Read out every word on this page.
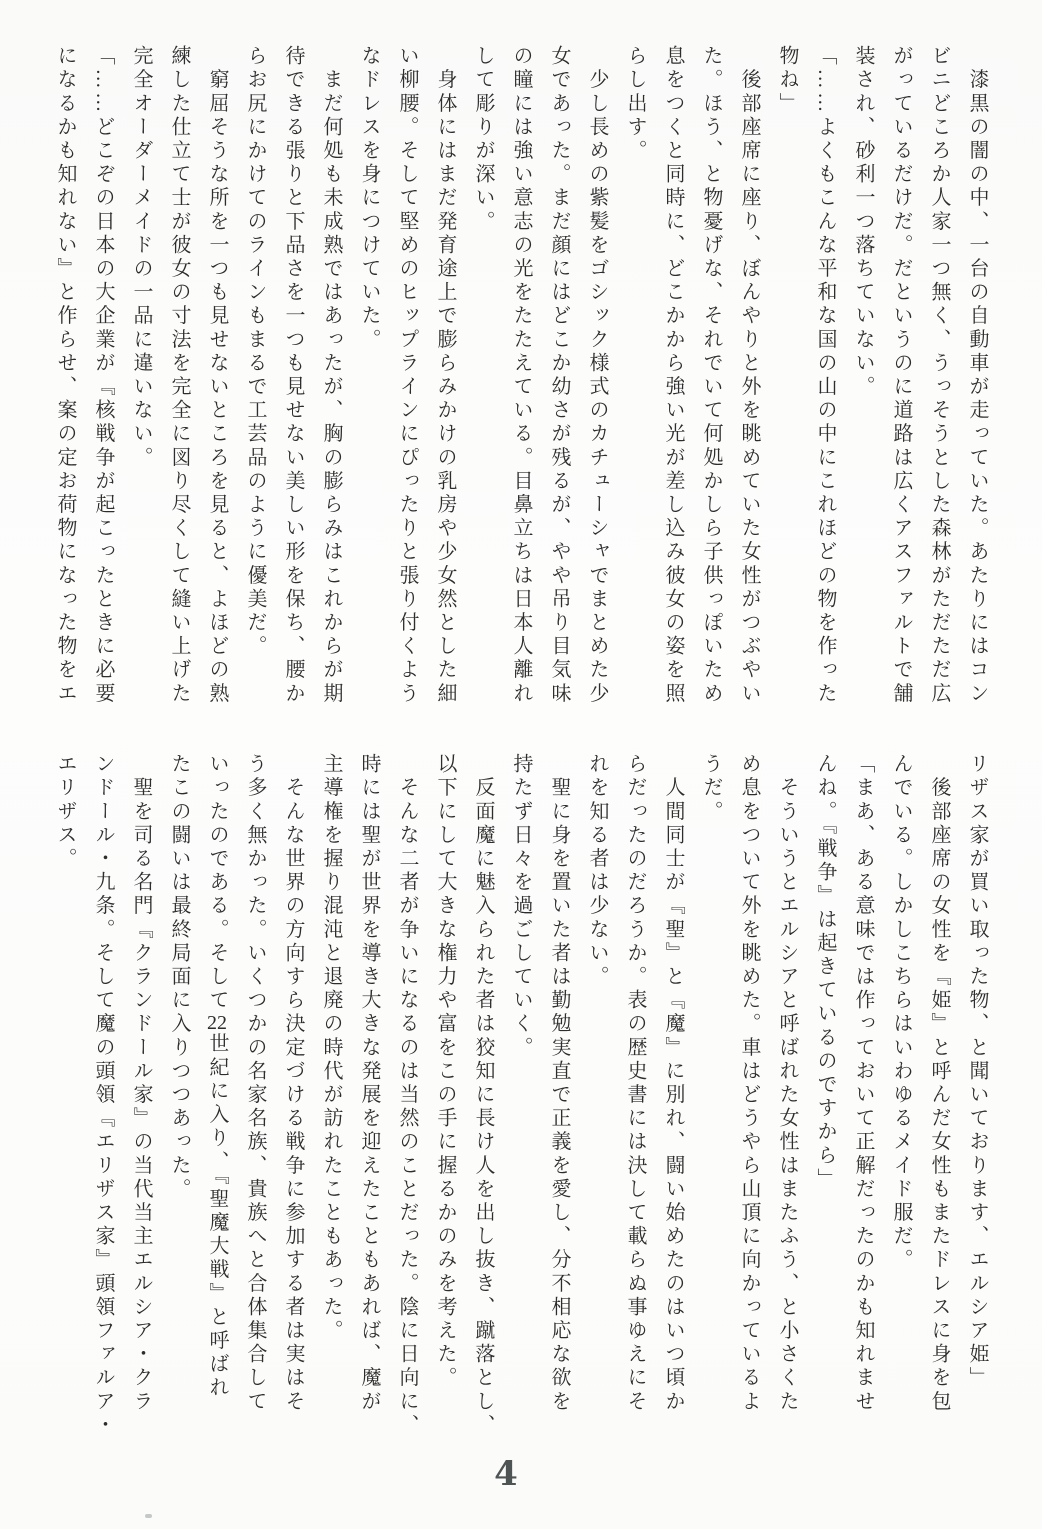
　漆黒の闇の中、一台の自動車が走っていた。あたりにはコン
ビニどころか人家一つ無く、うっそうとした森林がただただ広
がっているだけだ。だというのに道路は広くアスファルトで舗
装され、砂利一つ落ちていない。
「……よくもこんな平和な国の山の中にこれほどの物を作った
物ね」
　後部座席に座り、ぼんやりと外を眺めていた女性がつぶやい
た。ほう、と物憂げな、それでいて何処かしら子供っぽいため
息をつくと同時に、どこかから強い光が差し込み彼女の姿を照
らし出す。
　少し長めの紫髪をゴシック様式のカチューシャでまとめた少
女であった。まだ顔にはどこか幼さが残るが、やや吊り目気味
の瞳には強い意志の光をたたえている。目鼻立ちは日本人離れ
して彫りが深い。
　身体にはまだ発育途上で膨らみかけの乳房や少女然とした細
い柳腰。そして堅めのヒップラインにぴったりと張り付くよう
なドレスを身につけていた。
　まだ何処も未成熟ではあったが、胸の膨らみはこれからが期
待できる張りと下品さを一つも見せない美しい形を保ち、腰か
らお尻にかけてのラインもまるで工芸品のように優美だ。
　窮屈そうな所を一つも見せないところを見ると、よほどの熟
練した仕立て士が彼女の寸法を完全に図り尽くして縫い上げた
完全オーダーメイドの一品に違いない。
「……どこぞの日本の大企業が『核戦争が起こったときに必要
になるかも知れない』と作らせ、案の定お荷物になった物をエ
リザス家が買い取った物、と聞いております、エルシア姫」
　後部座席の女性を『姫』と呼んだ女性もまたドレスに身を包
んでいる。しかしこちらはいわゆるメイド服だ。
「まあ、ある意味では作っておいて正解だったのかも知れませ
んね。『戦争』は起きているのですから」
　そういうとエルシアと呼ばれた女性はまたふう、と小さくた
め息をついて外を眺めた。車はどうやら山頂に向かっているよ
うだ。
　人間同士が『聖』と『魔』に別れ、闘い始めたのはいつ頃か
らだったのだろうか。表の歴史書には決して載らぬ事ゆえにそ
れを知る者は少ない。
　聖に身を置いた者は勤勉実直で正義を愛し、分不相応な欲を
持たず日々を過ごしていく。
　反面魔に魅入られた者は狡知に長け人を出し抜き、蹴落とし、
以下にして大きな権力や富をこの手に握るかのみを考えた。
　そんな二者が争いになるのは当然のことだった。陰に日向に、
時には聖が世界を導き大きな発展を迎えたこともあれば、魔が
主導権を握り混沌と退廃の時代が訪れたこともあった。
　そんな世界の方向すら決定づける戦争に参加する者は実はそ
う多く無かった。いくつかの名家名族、貴族へと合体集合して
いったのである。そして22世紀に入り、『聖魔大戦』と呼ばれ
たこの闘いは最終局面に入りつつあった。
　聖を司る名門『クランドール家』の当代当主エルシア・クラ
ンドール・九条。そして魔の頭領『エリザス家』頭領ファルア・
エリザス。
4
